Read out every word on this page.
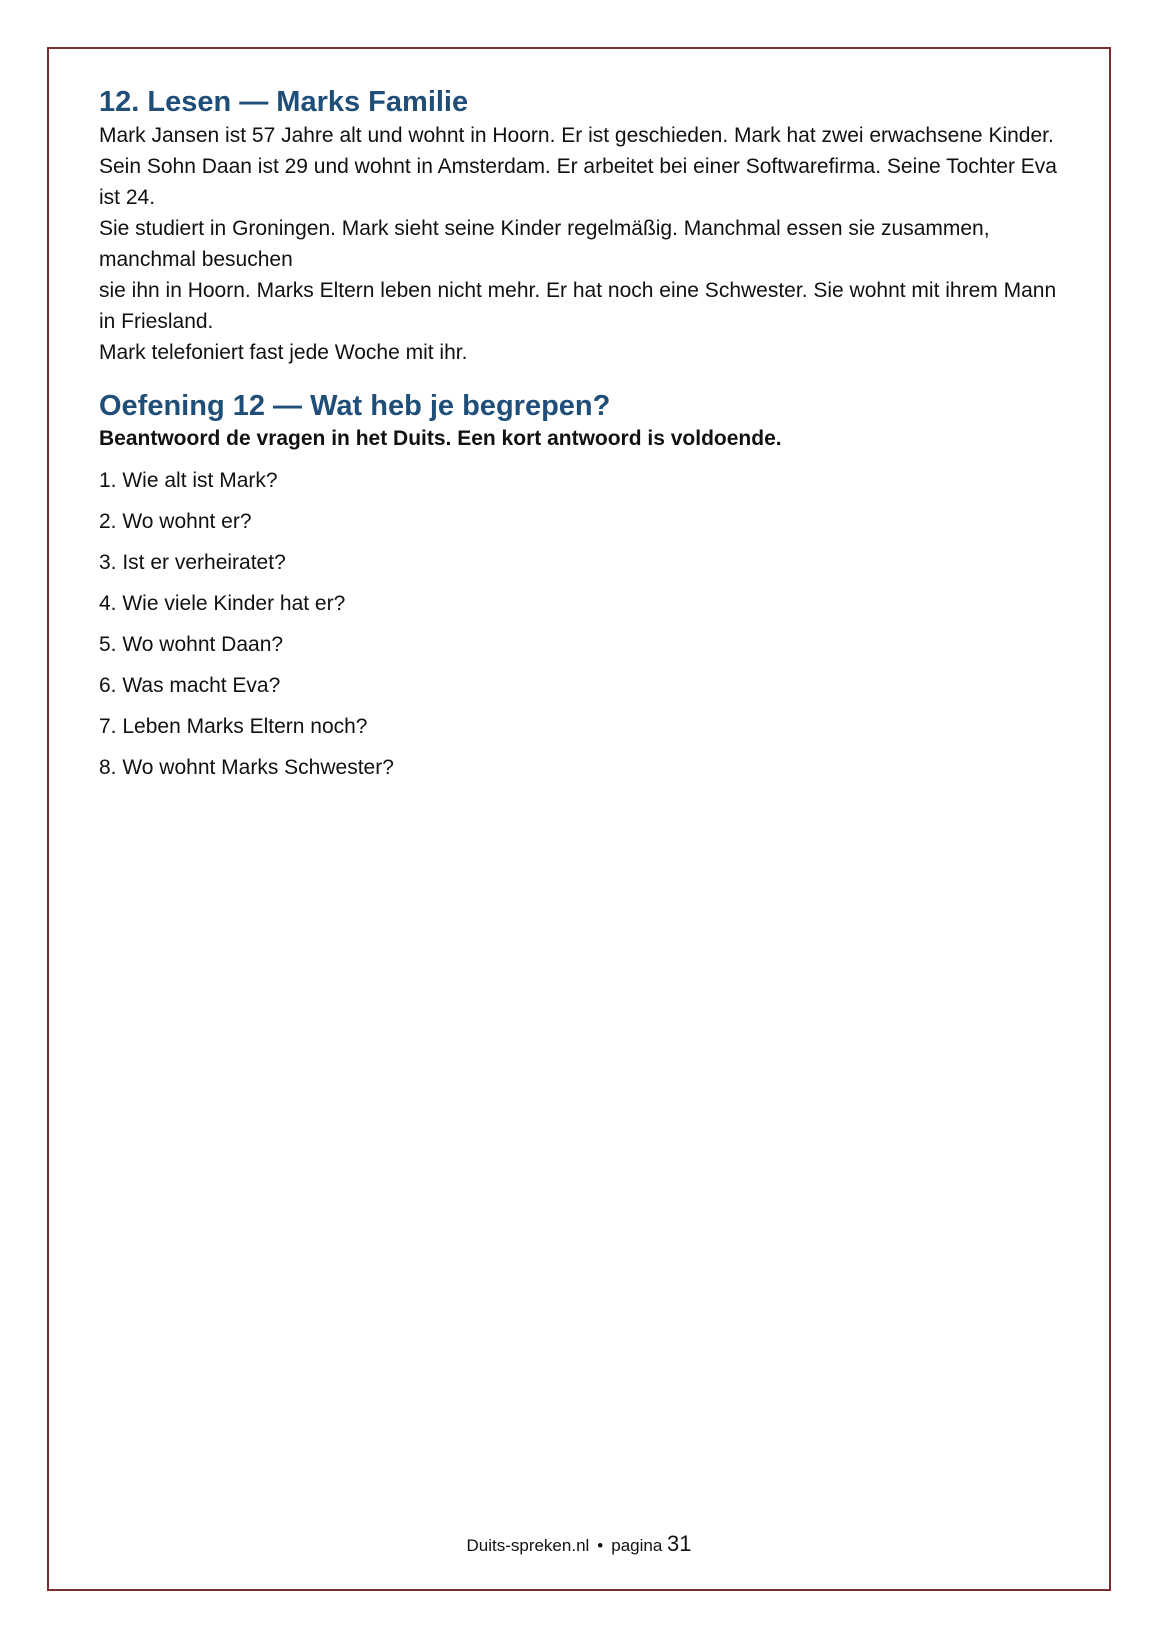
12. Lesen — Marks Familie
Mark Jansen ist 57 Jahre alt und wohnt in Hoorn. Er ist geschieden. Mark hat zwei erwachsene Kinder.
Sein Sohn Daan ist 29 und wohnt in Amsterdam. Er arbeitet bei einer Softwarefirma. Seine Tochter Eva ist 24.
Sie studiert in Groningen. Mark sieht seine Kinder regelmäßig. Manchmal essen sie zusammen, manchmal besuchen
sie ihn in Hoorn. Marks Eltern leben nicht mehr. Er hat noch eine Schwester. Sie wohnt mit ihrem Mann in Friesland.
Mark telefoniert fast jede Woche mit ihr.
Oefening 12 — Wat heb je begrepen?

Beantwoord de vragen in het Duits. Een kort antwoord is voldoende.

1. Wie alt ist Mark?
2. Wo wohnt er?
3. Ist er verheiratet?
4. Wie viele Kinder hat er?
5. Wo wohnt Daan?
6. Was macht Eva?
7. Leben Marks Eltern noch?
8. Wo wohnt Marks Schwester?
Duits-spreken.nl • pagina 31
